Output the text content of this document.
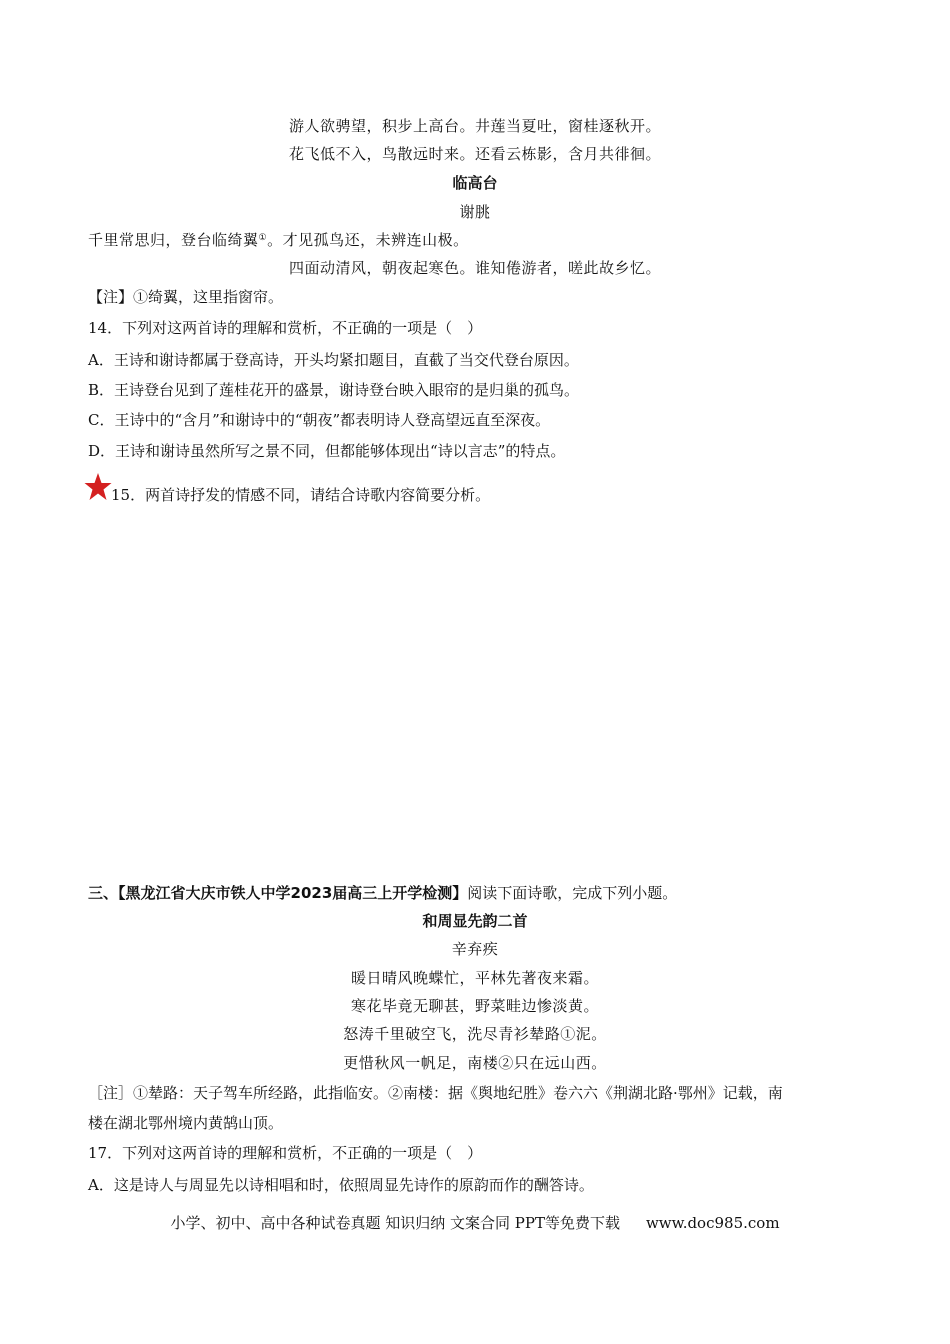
游人欲骋望，积步上高台。井莲当夏吐，窗桂逐秋开。
花飞低不入，鸟散远时来。还看云栋影，含月共徘徊。
临高台
谢朓
千里常思归，登台临绮翼①。才见孤鸟还，未辨连山极。
四面动清风，朝夜起寒色。谁知倦游者，嗟此故乡忆。
【注】①绮翼，这里指窗帘。
14．下列对这两首诗的理解和赏析，不正确的一项是（　）
A．王诗和谢诗都属于登高诗，开头均紧扣题目，直截了当交代登台原因。
B．王诗登台见到了莲桂花开的盛景，谢诗登台映入眼帘的是归巢的孤鸟。
C．王诗中的“含月”和谢诗中的“朝夜”都表明诗人登高望远直至深夜。
D．王诗和谢诗虽然所写之景不同，但都能够体现出“诗以言志”的特点。
15．两首诗抒发的情感不同，请结合诗歌内容简要分析。
三、【黑龙江省大庆市铁人中学2023届高三上开学检测】阅读下面诗歌，完成下列小题。
和周显先韵二首
辛弃疾
暖日晴风晚蝶忙，平林先著夜来霜。
寒花毕竟无聊甚，野菜畦边惨淡黄。
怒涛千里破空飞，洗尽青衫辇路①泥。
更惜秋风一帆足，南楼②只在远山西。
［注］①辇路：天子驾车所经路，此指临安。②南楼：据《舆地纪胜》卷六六《荆湖北路·鄂州》记载，南
楼在湖北鄂州境内黄鹄山顶。
17．下列对这两首诗的理解和赏析，不正确的一项是（　）
A．这是诗人与周显先以诗相唱和时，依照周显先诗作的原韵而作的酬答诗。
小学、初中、高中各种试卷真题 知识归纳 文案合同 PPT等免费下载 www.doc985.com
